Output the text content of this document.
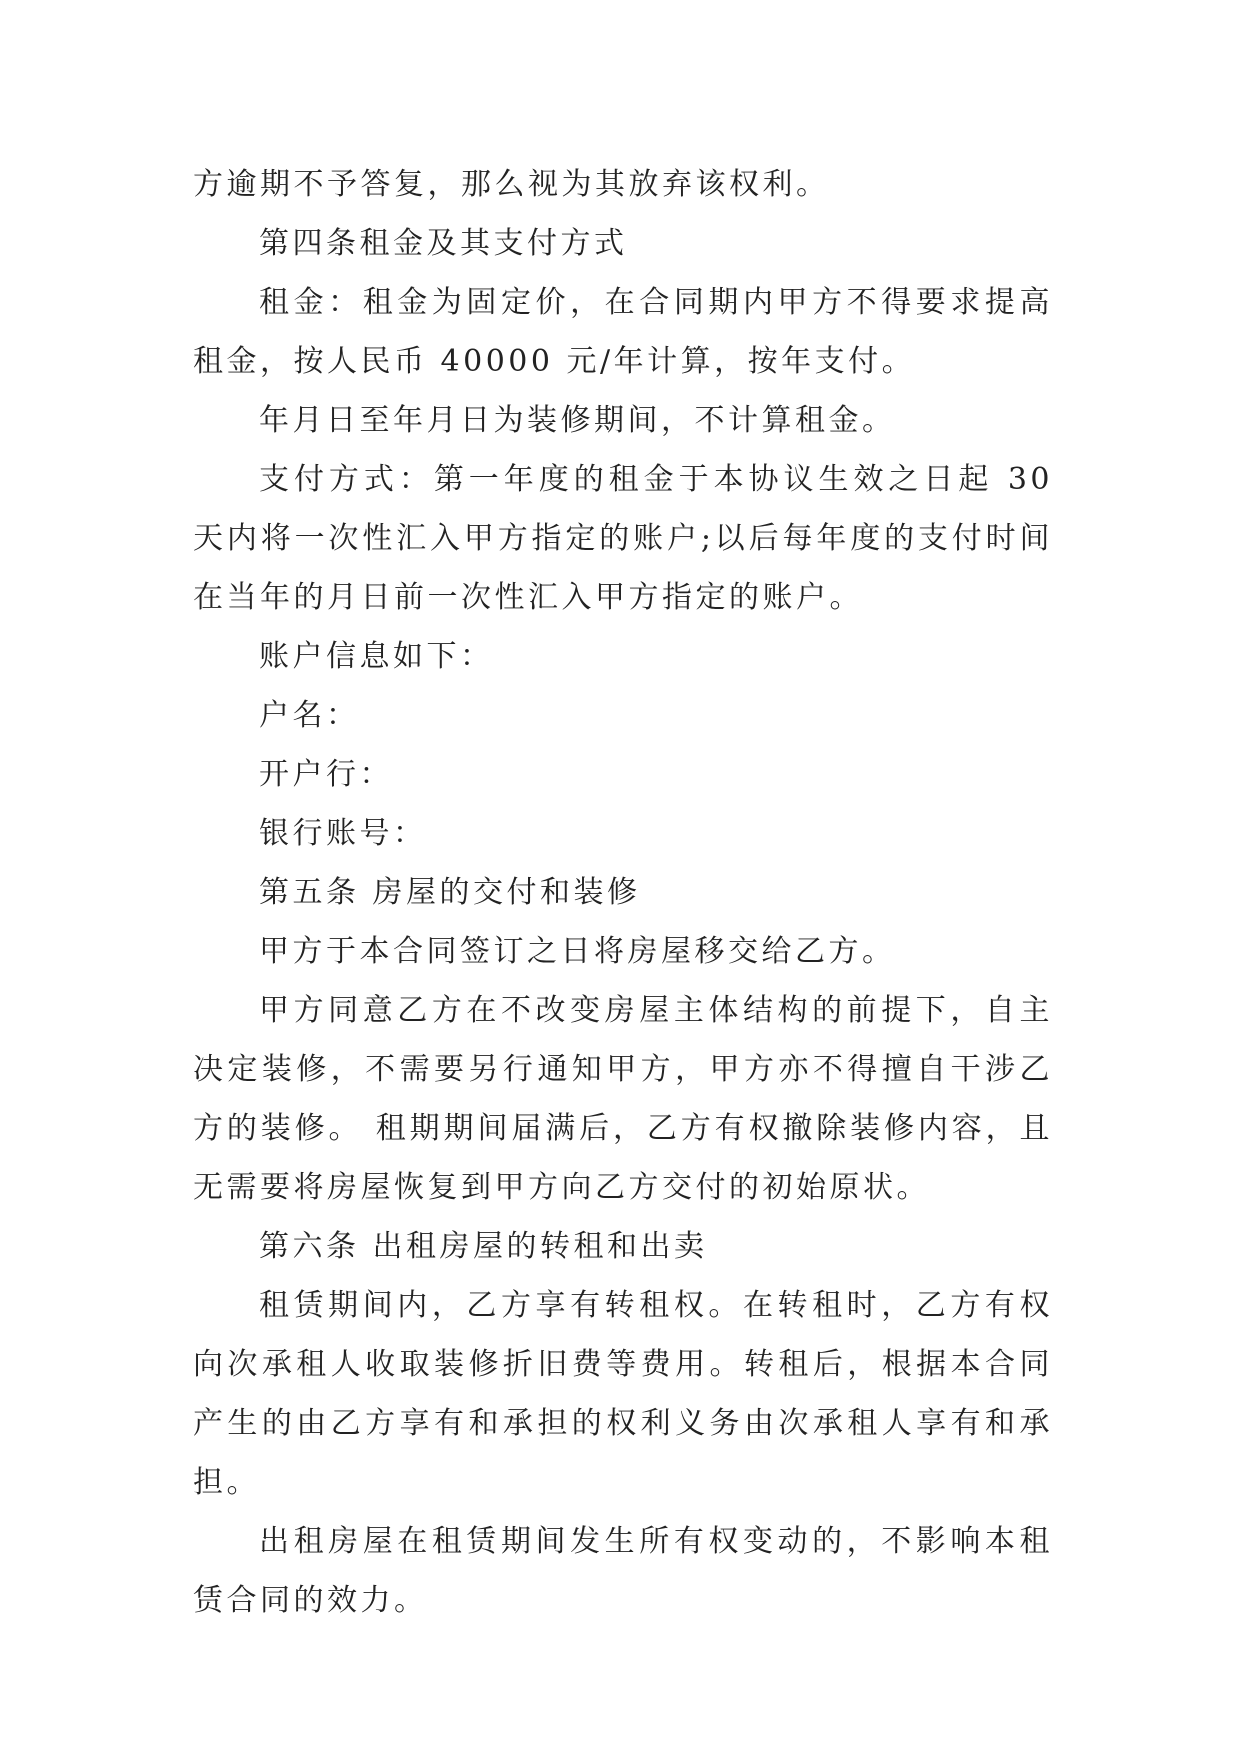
方逾期不予答复，那么视为其放弃该权利。

第四条租金及其支付方式

租金：租金为固定价，在合同期内甲方不得要求提高租金，按人民币 40000 元/年计算，按年支付。

年月日至年月日为装修期间，不计算租金。

支付方式：第一年度的租金于本协议生效之日起 30 天内将一次性汇入甲方指定的账户;以后每年度的支付时间在当年的月日前一次性汇入甲方指定的账户。

账户信息如下：

户名：

开户行：

银行账号：

第五条 房屋的交付和装修

甲方于本合同签订之日将房屋移交给乙方。

甲方同意乙方在不改变房屋主体结构的前提下，自主决定装修，不需要另行通知甲方，甲方亦不得擅自干涉乙方的装修。 租期期间届满后，乙方有权撤除装修内容，且无需要将房屋恢复到甲方向乙方交付的初始原状。

第六条 出租房屋的转租和出卖

租赁期间内，乙方享有转租权。在转租时，乙方有权向次承租人收取装修折旧费等费用。转租后，根据本合同产生的由乙方享有和承担的权利义务由次承租人享有和承担。

出租房屋在租赁期间发生所有权变动的，不影响本租赁合同的效力。
